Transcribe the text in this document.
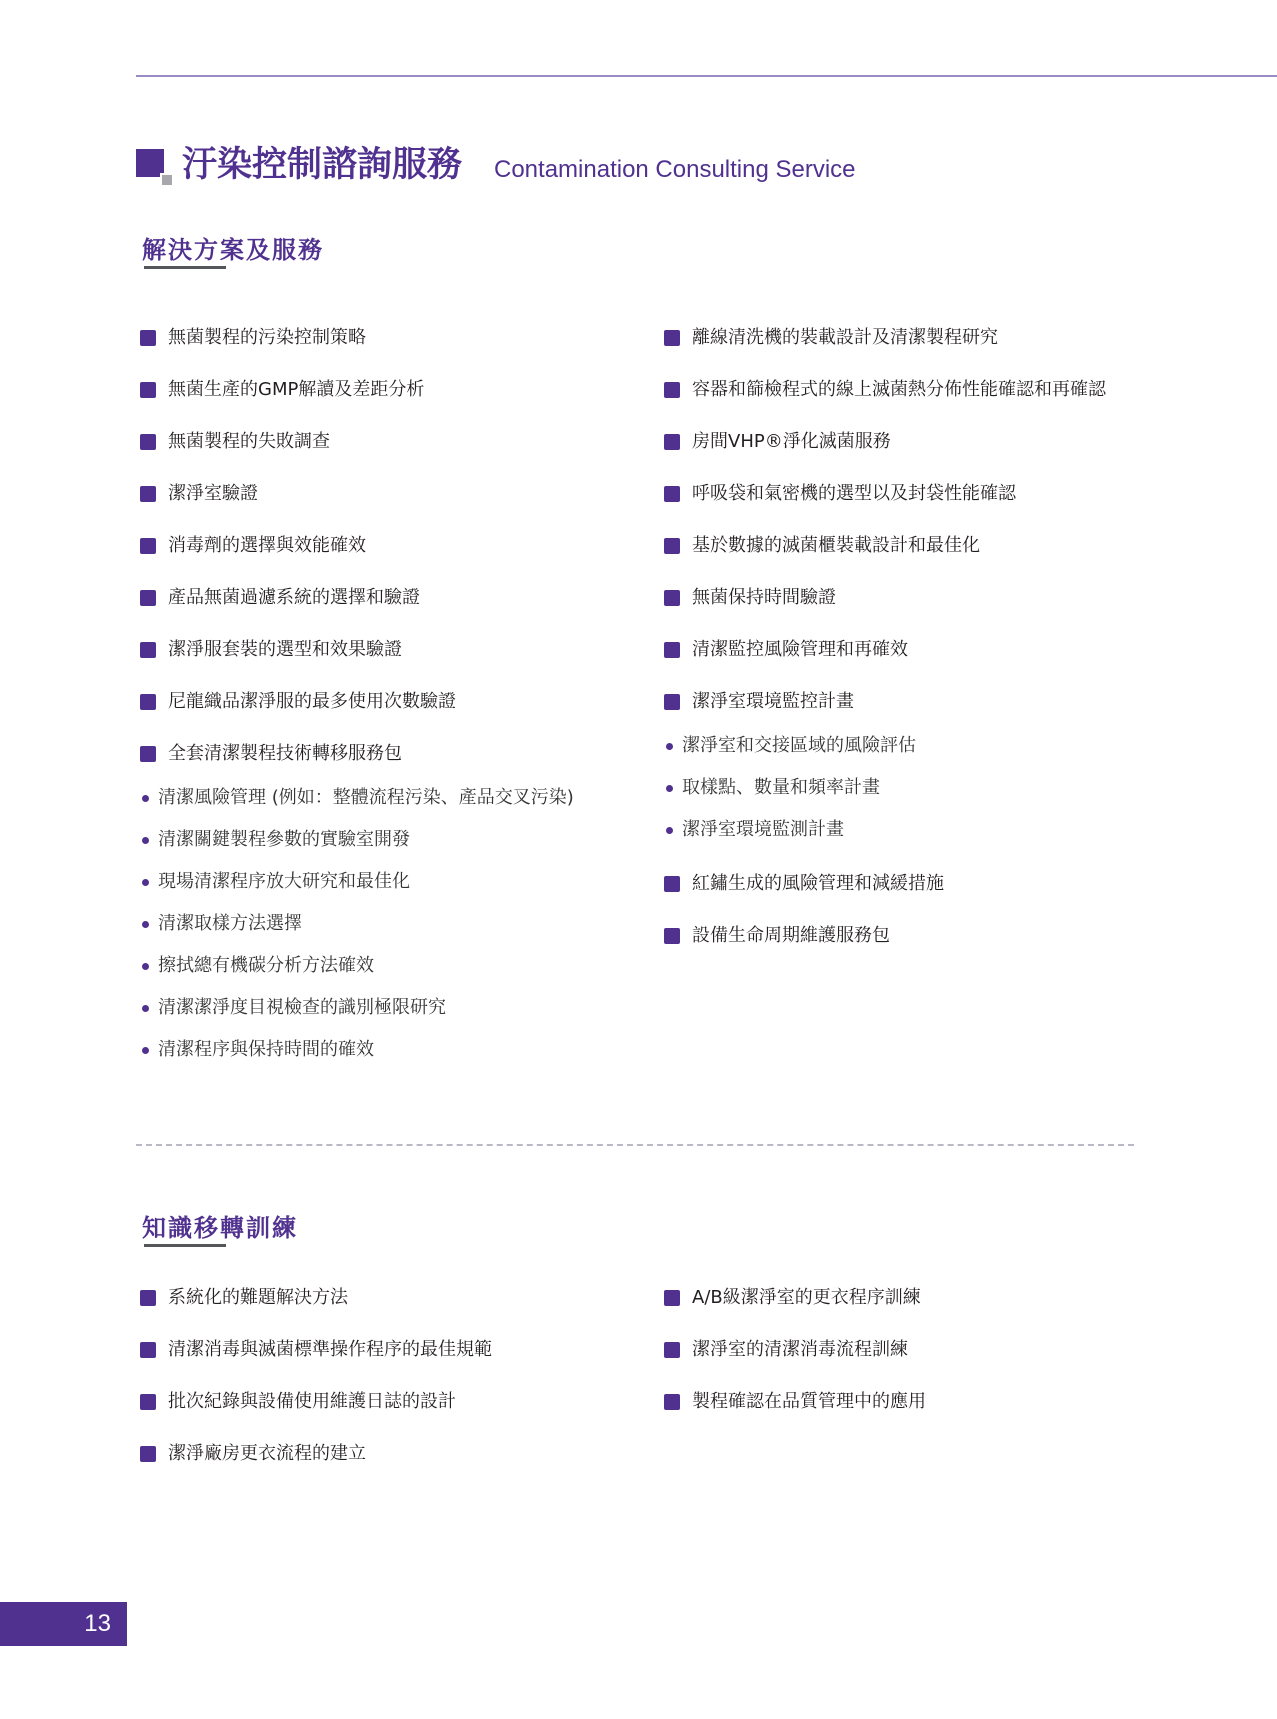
汙染控制諮詢服務 Contamination Consulting Service
解決方案及服務
無菌製程的污染控制策略
無菌生產的GMP解讀及差距分析
無菌製程的失敗調查
潔淨室驗證
消毒劑的選擇與效能確效
產品無菌過濾系統的選擇和驗證
潔淨服套裝的選型和效果驗證
尼龍織品潔淨服的最多使用次數驗證
全套清潔製程技術轉移服務包
清潔風險管理 (例如：整體流程污染、產品交叉污染)
清潔關鍵製程參數的實驗室開發
現場清潔程序放大研究和最佳化
清潔取樣方法選擇
擦拭總有機碳分析方法確效
清潔潔淨度目視檢查的識別極限研究
清潔程序與保持時間的確效
離線清洗機的裝載設計及清潔製程研究
容器和篩檢程式的線上滅菌熱分佈性能確認和再確認
房間VHP®淨化滅菌服務
呼吸袋和氣密機的選型以及封袋性能確認
基於數據的滅菌櫃裝載設計和最佳化
無菌保持時間驗證
清潔監控風險管理和再確效
潔淨室環境監控計畫
潔淨室和交接區域的風險評估
取樣點、數量和頻率計畫
潔淨室環境監測計畫
紅鏽生成的風險管理和減緩措施
設備生命周期維護服務包
知識移轉訓練
系統化的難題解決方法
清潔消毒與滅菌標準操作程序的最佳規範
批次紀錄與設備使用維護日誌的設計
潔淨廠房更衣流程的建立
A/B級潔淨室的更衣程序訓練
潔淨室的清潔消毒流程訓練
製程確認在品質管理中的應用
13
